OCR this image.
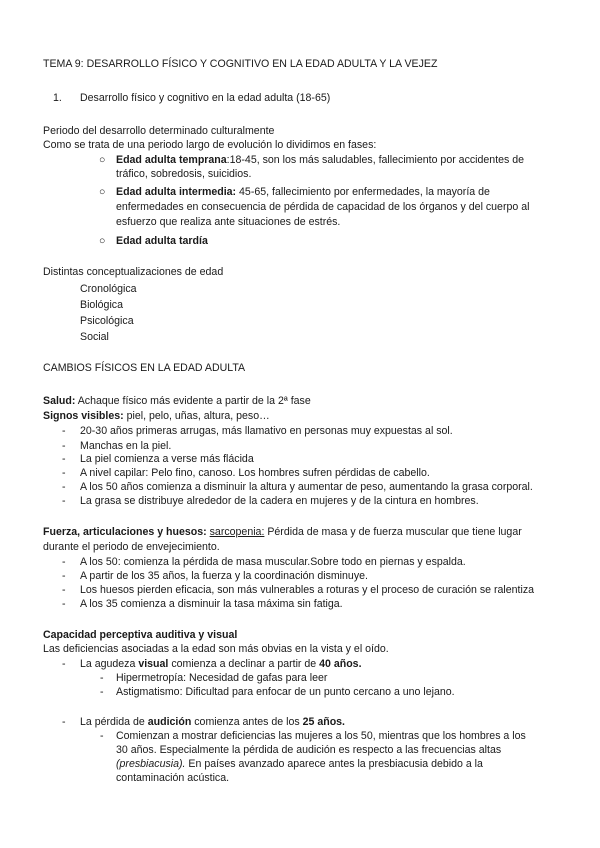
TEMA 9: DESARROLLO FÍSICO Y COGNITIVO EN LA EDAD ADULTA Y LA VEJEZ
1. Desarrollo físico y cognitivo en la edad adulta (18-65)
Periodo del desarrollo determinado culturalmente
Como se trata de una periodo largo de evolución lo dividimos en fases:
○ Edad adulta temprana:18-45, son los más saludables, fallecimiento por accidentes de
tráfico, sobredosis, suicidios.
○ Edad adulta intermedia: 45-65, fallecimiento por enfermedades, la mayoría de
enfermedades en consecuencia de pérdida de capacidad de los órganos y del cuerpo al
esfuerzo que realiza ante situaciones de estrés.
○ Edad adulta tardía
Distintas conceptualizaciones de edad
Cronológica
Biológica
Psicológica
Social
CAMBIOS FÍSICOS EN LA EDAD ADULTA
Salud: Achaque físico más evidente a partir de la 2ª fase
Signos visibles: piel, pelo, uñas, altura, peso…
- 20-30 años primeras arrugas, más llamativo en personas muy expuestas al sol.
- Manchas en la piel.
- La piel comienza a verse más flácida
- A nivel capilar: Pelo fino, canoso. Los hombres sufren pérdidas de cabello.
- A los 50 años comienza a disminuir la altura y aumentar de peso, aumentando la grasa corporal.
- La grasa se distribuye alrededor de la cadera en mujeres y de la cintura en hombres.
Fuerza, articulaciones y huesos: sarcopenia: Pérdida de masa y de fuerza muscular que tiene lugar
durante el periodo de envejecimiento.
- A los 50: comienza la pérdida de masa muscular.Sobre todo en piernas y espalda.
- A partir de los 35 años, la fuerza y la coordinación disminuye.
- Los huesos pierden eficacia, son más vulnerables a roturas y el proceso de curación se ralentiza
- A los 35 comienza a disminuir la tasa máxima sin fatiga.
Capacidad perceptiva auditiva y visual
Las deficiencias asociadas a la edad son más obvias en la vista y el oído.
- La agudeza visual comienza a declinar a partir de 40 años.
- Hipermetropía: Necesidad de gafas para leer
- Astigmatismo: Dificultad para enfocar de un punto cercano a uno lejano.
- La pérdida de audición comienza antes de los 25 años.
- Comienzan a mostrar deficiencias las mujeres a los 50, mientras que los hombres a los
30 años. Especialmente la pérdida de audición es respecto a las frecuencias altas
(presbiacusia). En países avanzado aparece antes la presbiacusia debido a la
contaminación acústica.
